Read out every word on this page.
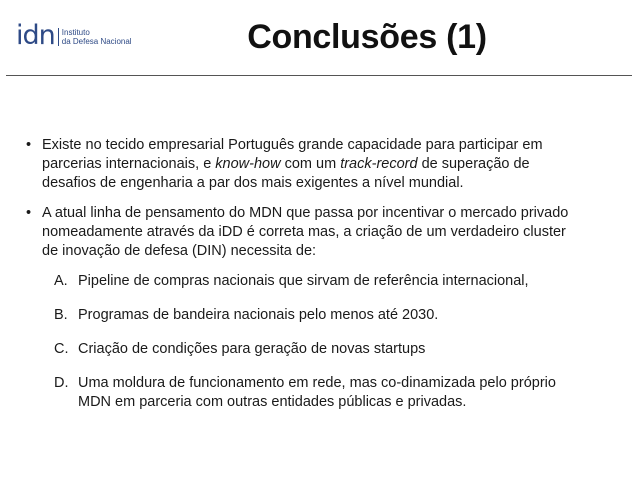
idn Instituto
da Defesa Nacional	Conclusões (1)
• Existe no tecido empresarial Português grande capacidade para participar em parcerias internacionais, e know-how com um track-record de superação de desafios de engenharia a par dos mais exigentes a nível mundial.
• A atual linha de pensamento do MDN que passa por incentivar o mercado privado nomeadamente através da iDD é correta mas, a criação de um verdadeiro cluster de inovação de defesa (DIN) necessita de:
A. Pipeline de compras nacionais que sirvam de referência internacional,
B. Programas de bandeira nacionais pelo menos até 2030.
C. Criação de condições para geração de novas startups
D. Uma moldura de funcionamento em rede, mas co-dinamizada pelo próprio MDN em parceria com outras entidades públicas e privadas.
